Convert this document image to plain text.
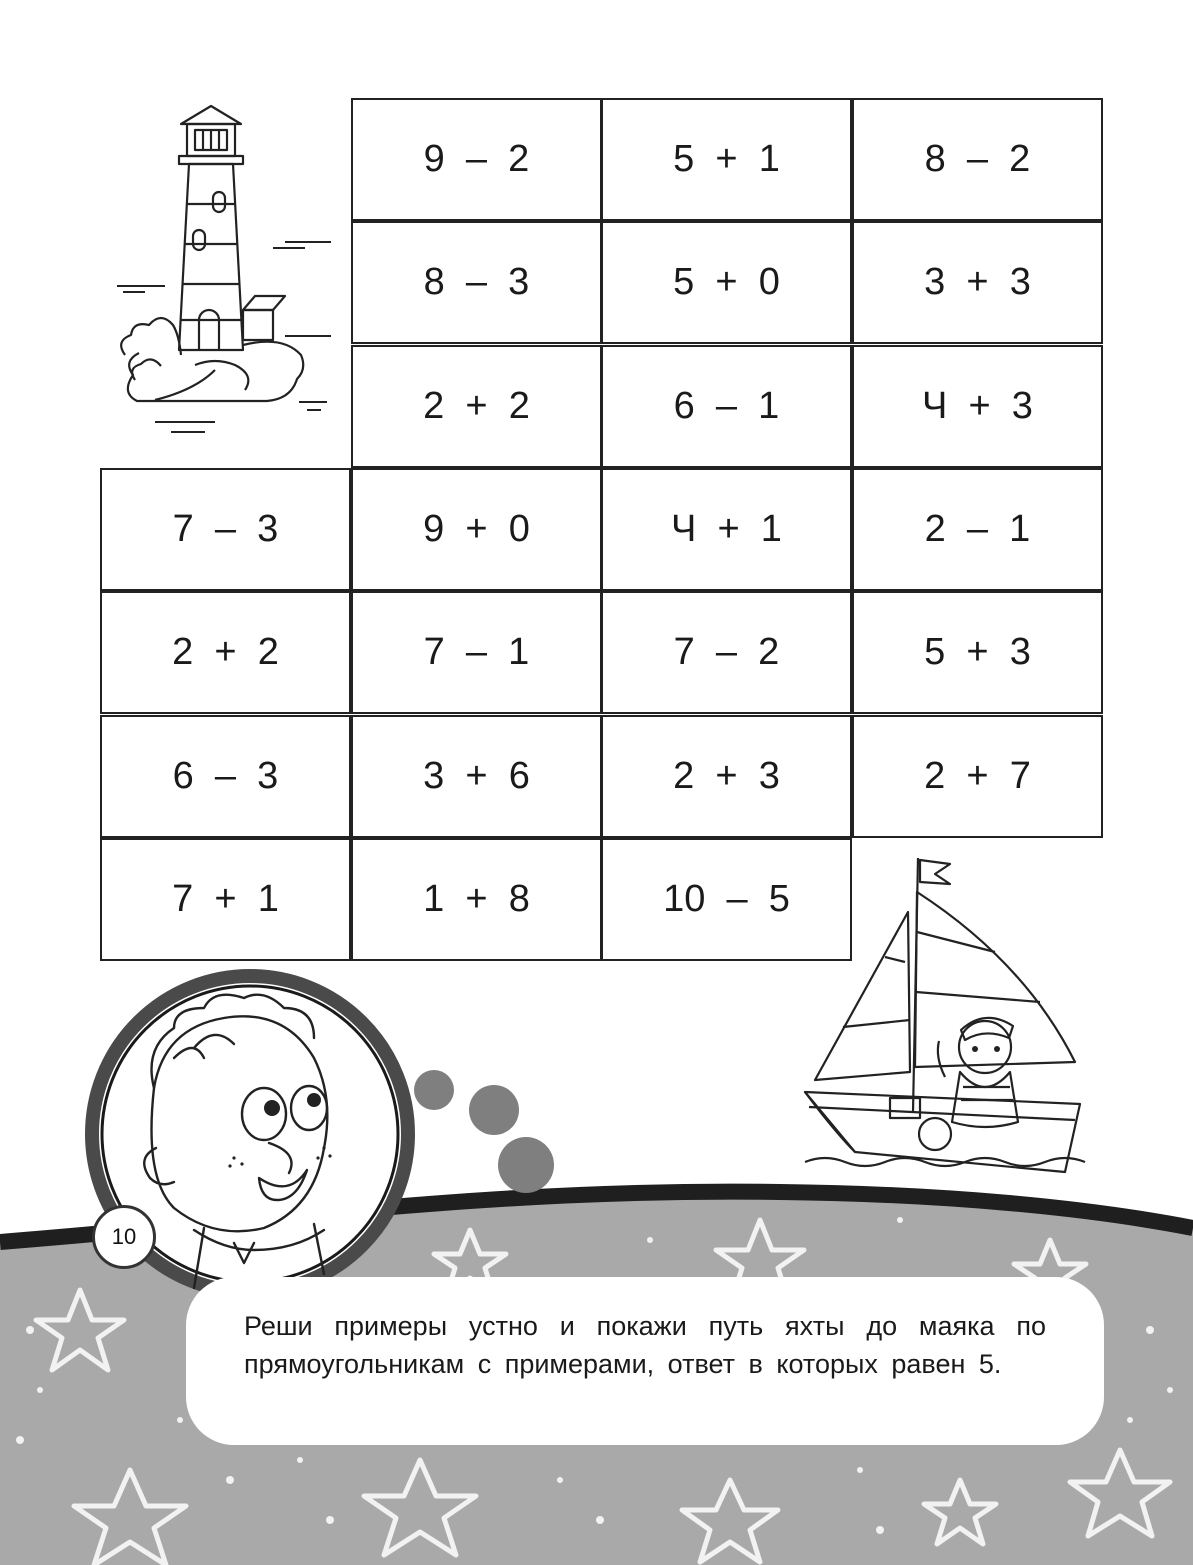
9  –  2	5  +  1	8  –  2
8  –  3	5  +  0	3  +  3
2  +  2	6  –  1	Ч  +  3
7  –  3	9  +  0	Ч  +  1	2  –  1
2  +  2	7  –  1	7  –  2	5  +  3
6  –  3	3  +  6	2  +  3	2  +  7
7  +  1	1  +  8	10  –  5
10
Реши примеры устно и покажи путь яхты до маяка по прямоугольникам с примерами, ответ в которых равен 5.
